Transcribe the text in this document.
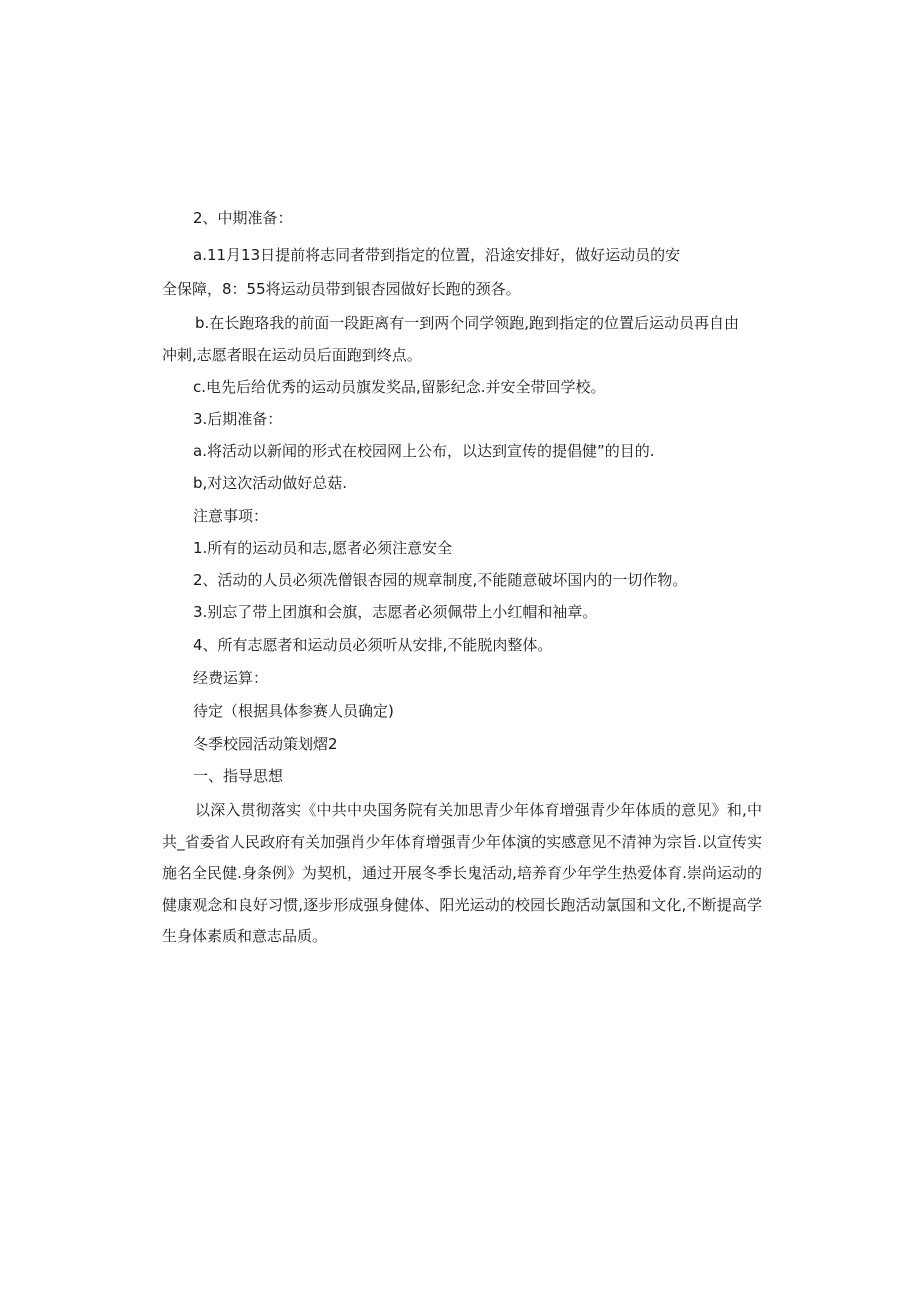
2、中期准备：
a.11月13日提前将志同者带到指定的位置，沿途安排好，做好运动员的安
全保障，8：55将运动员带到银杏园做好长跑的颈各。
b.在长跑珞我的前面一段距离有一到两个同学领跑,跑到指定的位置后运动员再自由
冲刺,志愿者眼在运动员后面跑到终点。
c.电先后给优秀的运动员旗发奖品,留影纪念.并安全带回学校。
3.后期准备：
a.将活动以新闻的形式在校园网上公布，以达到宣传的提倡健”的目的.
b,对这次活动做好总菇.
注意事项：
1.所有的运动员和志,愿者必须注意安全
2、活动的人员必须冼僧银杏园的规章制度,不能随意破坏国内的一切作物。
3.别忘了带上团旗和会旗，志愿者必须佩带上小红帽和袖章。
4、所有志愿者和运动员必须听从安排,不能脱肉整体。
经费运算：
待定（根据具体参赛人员确定)
冬季校园活动策划熠2
一、指导思想
以深入贯彻落实《中共中央国务院有关加思青少年体育增强青少年体质的意见》和,中共_省委省人民政府有关加强肖少年体育增强青少年体演的实感意见不清神为宗旨.以宣传实施名全民健.身条例》为契机，通过开展冬季长鬼活动,培养育少年学生热爱体育.崇尚运动的健康观念和良好习惯,逐步形成强身健体、阳光运动的校园长跑活动氯国和文化,不断提高学生身体素质和意志品质。
